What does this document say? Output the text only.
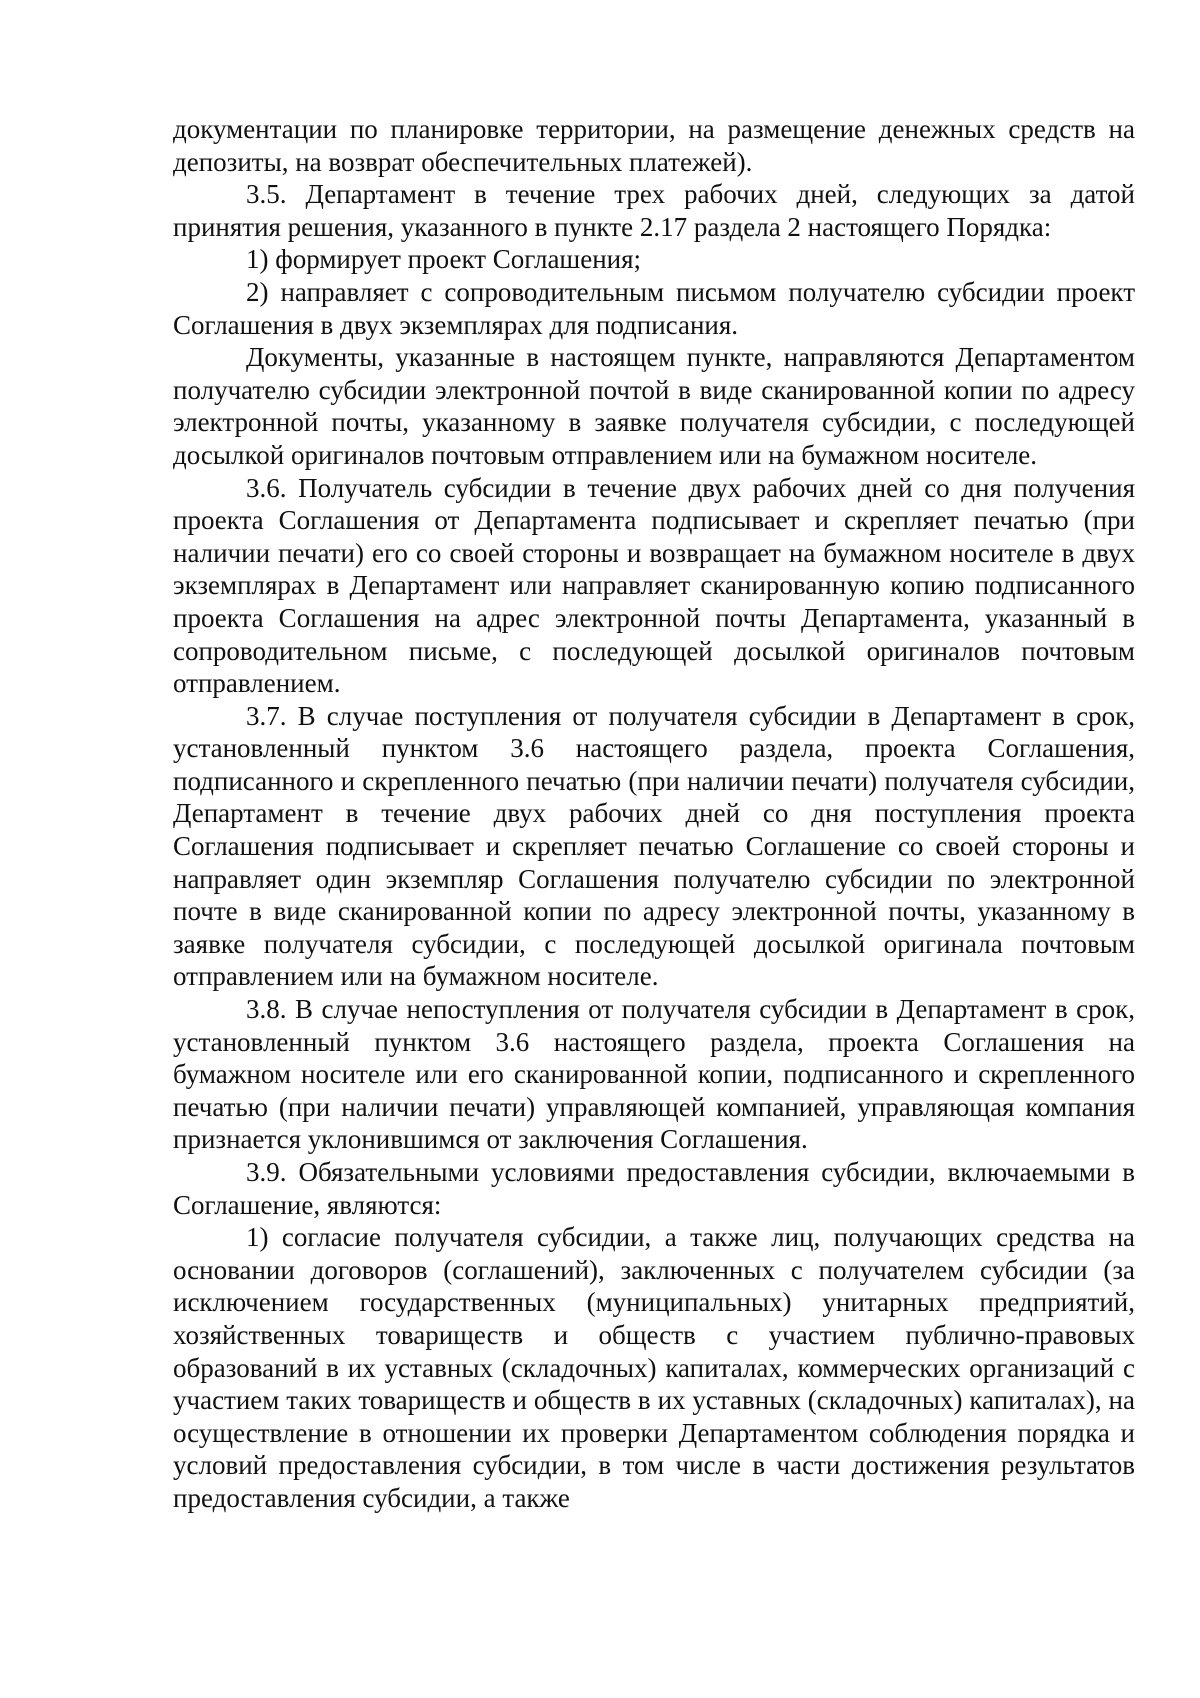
документации по планировке территории, на размещение денежных средств на депозиты, на возврат обеспечительных платежей).

3.5. Департамент в течение трех рабочих дней, следующих за датой принятия решения, указанного в пункте 2.17 раздела 2 настоящего Порядка:

1) формирует проект Соглашения;

2) направляет с сопроводительным письмом получателю субсидии проект Соглашения в двух экземплярах для подписания.

Документы, указанные в настоящем пункте, направляются Департаментом получателю субсидии электронной почтой в виде сканированной копии по адресу электронной почты, указанному в заявке получателя субсидии, с последующей досылкой оригиналов почтовым отправлением или на бумажном носителе.

3.6. Получатель субсидии в течение двух рабочих дней со дня получения проекта Соглашения от Департамента подписывает и скрепляет печатью (при наличии печати) его со своей стороны и возвращает на бумажном носителе в двух экземплярах в Департамент или направляет сканированную копию подписанного проекта Соглашения на адрес электронной почты Департамента, указанный в сопроводительном письме, с последующей досылкой оригиналов почтовым отправлением.

3.7. В случае поступления от получателя субсидии в Департамент в срок, установленный пунктом 3.6 настоящего раздела, проекта Соглашения, подписанного и скрепленного печатью (при наличии печати) получателя субсидии, Департамент в течение двух рабочих дней со дня поступления проекта Соглашения подписывает и скрепляет печатью Соглашение со своей стороны и направляет один экземпляр Соглашения получателю субсидии по электронной почте в виде сканированной копии по адресу электронной почты, указанному в заявке получателя субсидии, с последующей досылкой оригинала почтовым отправлением или на бумажном носителе.

3.8. В случае непоступления от получателя субсидии в Департамент в срок, установленный пунктом 3.6 настоящего раздела, проекта Соглашения на бумажном носителе или его сканированной копии, подписанного и скрепленного печатью (при наличии печати) управляющей компанией, управляющая компания признается уклонившимся от заключения Соглашения.

3.9. Обязательными условиями предоставления субсидии, включаемыми в Соглашение, являются:

1) согласие получателя субсидии, а также лиц, получающих средства на основании договоров (соглашений), заключенных с получателем субсидии (за исключением государственных (муниципальных) унитарных предприятий, хозяйственных товариществ и обществ с участием публично-правовых образований в их уставных (складочных) капиталах, коммерческих организаций с участием таких товариществ и обществ в их уставных (складочных) капиталах), на осуществление в отношении их проверки Департаментом соблюдения порядка и условий предоставления субсидии, в том числе в части достижения результатов предоставления субсидии, а также
